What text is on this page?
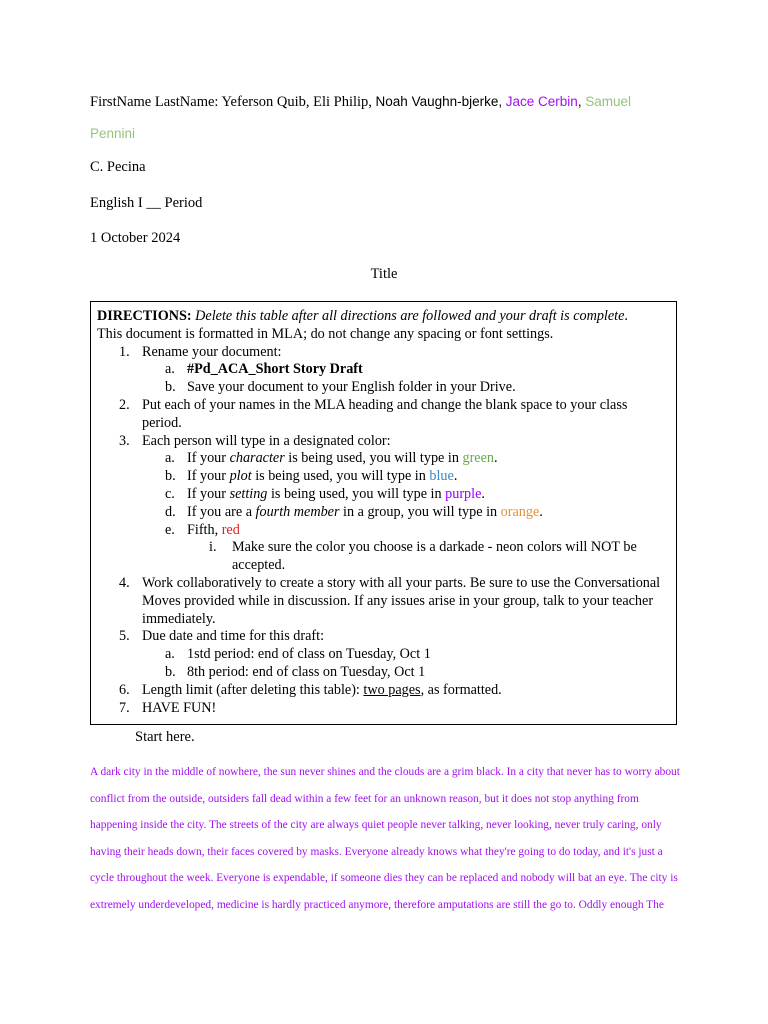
FirstName LastName: Yeferson Quib, Eli Philip, Noah Vaughn-bjerke, Jace Cerbin, Samuel
Pennini
C. Pecina
English I __ Period
1 October 2024
Title

DIRECTIONS: Delete this table after all directions are followed and your draft is complete.

This document is formatted in MLA; do not change any spacing or font settings.

1. Rename your document:
a. #Pd_ACA_Short Story Draft
b. Save your document to your English folder in your Drive.
2. Put each of your names in the MLA heading and change the blank space to your class period.
3. Each person will type in a designated color:
a. If your character is being used, you will type in green.
b. If your plot is being used, you will type in blue.
c. If your setting is being used, you will type in purple.
d. If you are a fourth member in a group, you will type in orange.
e. Fifth, red
i. Make sure the color you choose is a darkade - neon colors will NOT be accepted.
4. Work collaboratively to create a story with all your parts. Be sure to use the Conversational Moves provided while in discussion. If any issues arise in your group, talk to your teacher immediately.
5. Due date and time for this draft:
a. 1std period: end of class on Tuesday, Oct 1
b. 8th period: end of class on Tuesday, Oct 1
6. Length limit (after deleting this table): two pages, as formatted.
7. HAVE FUN!
Start here.
A dark city in the middle of nowhere, the sun never shines and the clouds are a grim black. In a city that never has to worry about
conflict from the outside, outsiders fall dead within a few feet for an unknown reason, but it does not stop anything from
happening inside the city. The streets of the city are always quiet people never talking, never looking, never truly caring, only
having their heads down, their faces covered by masks. Everyone already knows what they're going to do today, and it's just a
cycle throughout the week. Everyone is expendable, if someone dies they can be replaced and nobody will bat an eye. The city is
extremely underdeveloped, medicine is hardly practiced anymore, therefore amputations are still the go to. Oddly enough The
